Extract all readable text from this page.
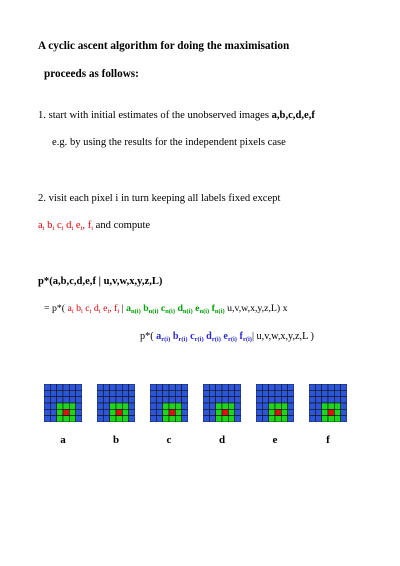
A cyclic ascent algorithm for doing the maximisation
proceeds as follows:
1. start with initial estimates of the unobserved images a,b,c,d,e,f
e.g. by using the results for the independent pixels case
2. visit each pixel i in turn keeping all labels fixed except
$a_i$ $b_i$ $c_i$ $d_i$ $e_i$, $f_i$ and compute
p*(a,b,c,d,e,f | u,v,w,x,y,z,L)
= p*( $a_i$ $b_i$ $c_i$ $d_i$ $e_i$, $f_i$ | $a_{n(i)}$ $b_{n(i)}$ $c_{n(i)}$ $d_{n(i)}$ $e_{n(i)}$ $f_{n(i)}$ u,v,w,x,y,z,L) x
p*( $a_{r(i)}$ $b_{r(i)}$ $c_{r(i)}$ $d_{r(i)}$ $e_{r(i)}$ $f_{r(i)}|$ u,v,w,x,y,z,L )
a	b	c	d	e	f
